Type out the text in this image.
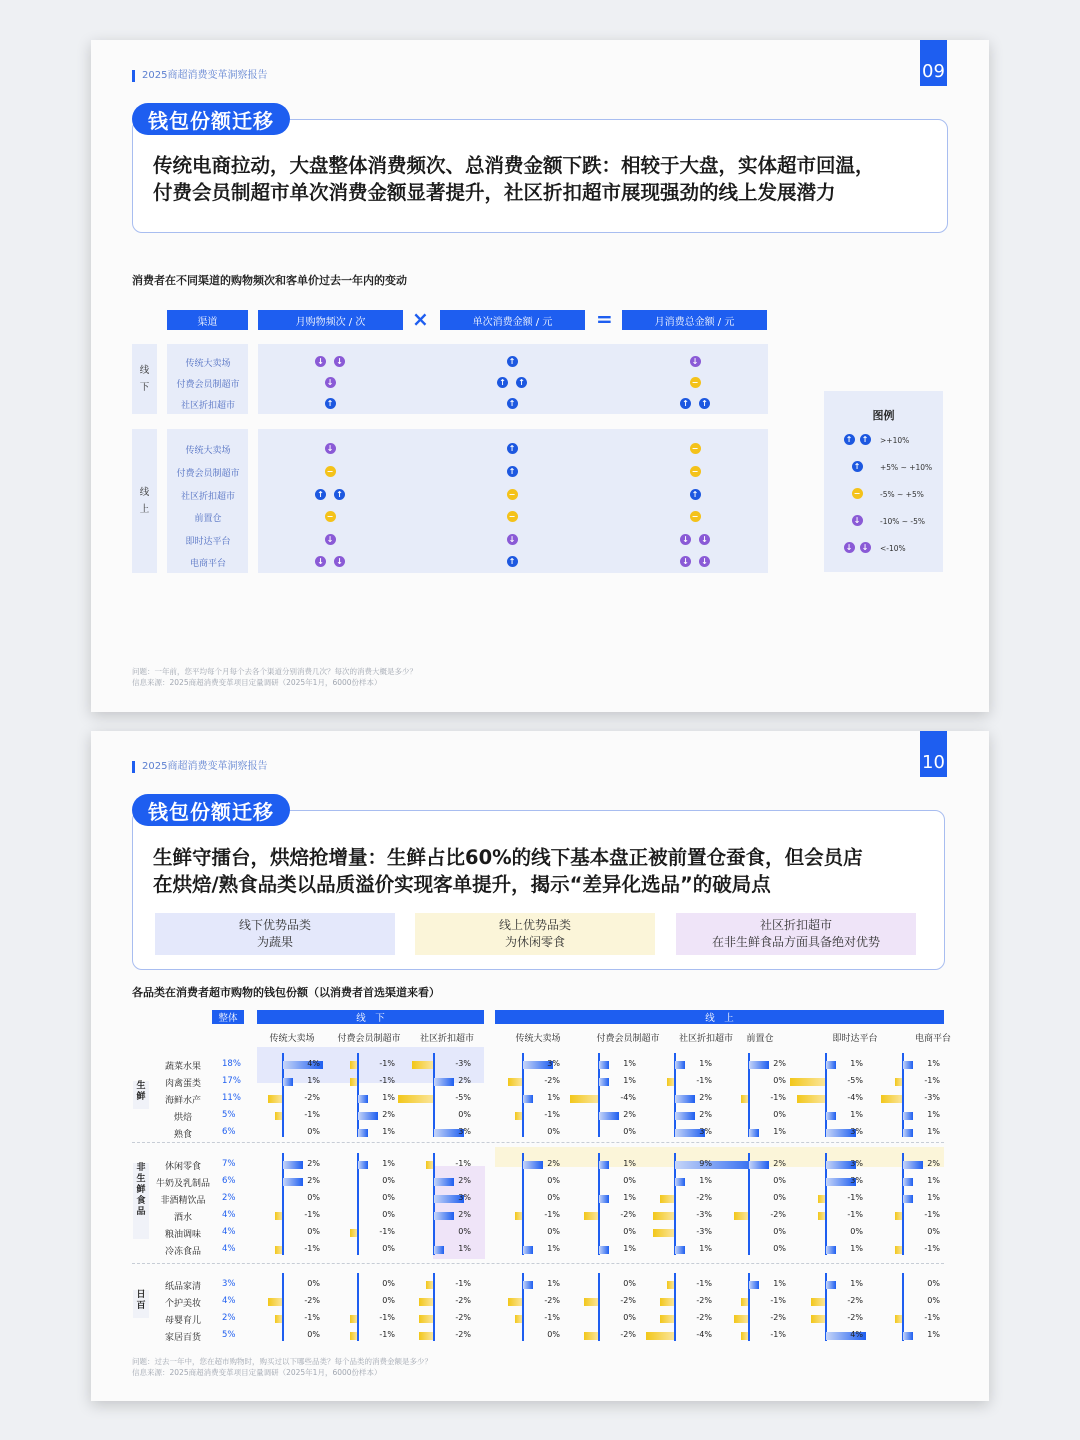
2025商超消费变革洞察报告	09
传统电商拉动，大盘整体消费频次、总消费金额下跌：相较于大盘，实体超市回温，
付费会员制超市单次消费金额显著提升，社区折扣超市展现强劲的线上发展潜力
钱包份额迁移
消费者在不同渠道的购物频次和客单价过去一年内的变动
渠道	月购物频次 / 次	单次消费金额 / 元	月消费总金额 / 元
×	=
线
下
传统大卖场	↓ ↓	↑	↓
付费会员制超市	↓	↑ ↑	−
社区折扣超市	↑	↑	↑ ↑
线
上
传统大卖场	↓	↑	−
付费会员制超市	−	↑	−
社区折扣超市	↑ ↑	−	↑
前置仓	−	−	−
即时达平台	↓	↓	↓ ↓
电商平台	↓ ↓	↑	↓ ↓
图例
↑ ↑ >+10%
↑	+5% ~ +10%
−	-5% ~ +5%
↓	-10% ~ -5%
↓ ↓ <-10%
问题：一年前，您平均每个月每个去各个渠道分别消费几次？每次的消费大概是多少？
信息来源：2025商超消费变革项目定量调研（2025年1月，6000份样本）
2025商超消费变革洞察报告	10
生鲜守擂台，烘焙抢增量：生鲜占比60%的线下基本盘正被前置仓蚕食，但会员店
在烘焙/熟食品类以品质溢价实现客单提升，揭示“差异化选品”的破局点
线下优势品类
为蔬果
线上优势品类
为休闲零食
社区折扣超市
在非生鲜食品方面具备绝对优势
钱包份额迁移
各品类在消费者超市购物的钱包份额（以消费者首选渠道来看）
整体	线　下	线　上
传统大卖场	付费会员制超市	社区折扣超市	传统大卖场	付费会员制超市	社区折扣超市	前置仓	即时达平台	电商平台
生
鲜
蔬菜水果	18%	4%	-1%	-3%	3%	1%	1%	2%	1%	1%
肉禽蛋类	17%	1%	-1%	2%	-2%	1%	-1%	0%	-5%	-1%
海鲜水产	11%	-2%	1%	-5%	1%	-4%	2%	-1%	-4%	-3%
烘焙	5%	-1%	2%	0%	-1%	2%	2%	0%	1%	1%
熟食	6%	0%	1%	3%	0%	0%	3%	1%	3%	1%
非
生
鲜
食
品
休闲零食	7%	2%	1%	-1%	2%	1%	9%	2%	3%	2%
牛奶及乳制品	6%	2%	0%	2%	0%	0%	1%	0%	3%	1%
非酒精饮品	2%	0%	0%	3%	0%	1%	-2%	0%	-1%	1%
酒水	4%	-1%	0%	2%	-1%	-2%	-3%	-2%	-1%	-1%
粮油调味	4%	0%	-1%	0%	0%	0%	-3%	0%	0%	0%
冷冻食品	4%	-1%	0%	1%	1%	1%	1%	0%	1%	-1%
日
百
纸品家清	3%	0%	0%	-1%	1%	0%	-1%	1%	1%	0%
个护美妆	4%	-2%	0%	-2%	-2%	-2%	-2%	-1%	-2%	0%
母婴育儿	2%	-1%	-1%	-2%	-1%	0%	-2%	-2%	-2%	-1%
家居百货	5%	0%	-1%	-2%	0%	-2%	-4%	-1%	4%	1%
问题：过去一年中，您在超市购物时，购买过以下哪些品类？每个品类的消费金额是多少？
信息来源：2025商超消费变革项目定量调研（2025年1月，6000份样本）
